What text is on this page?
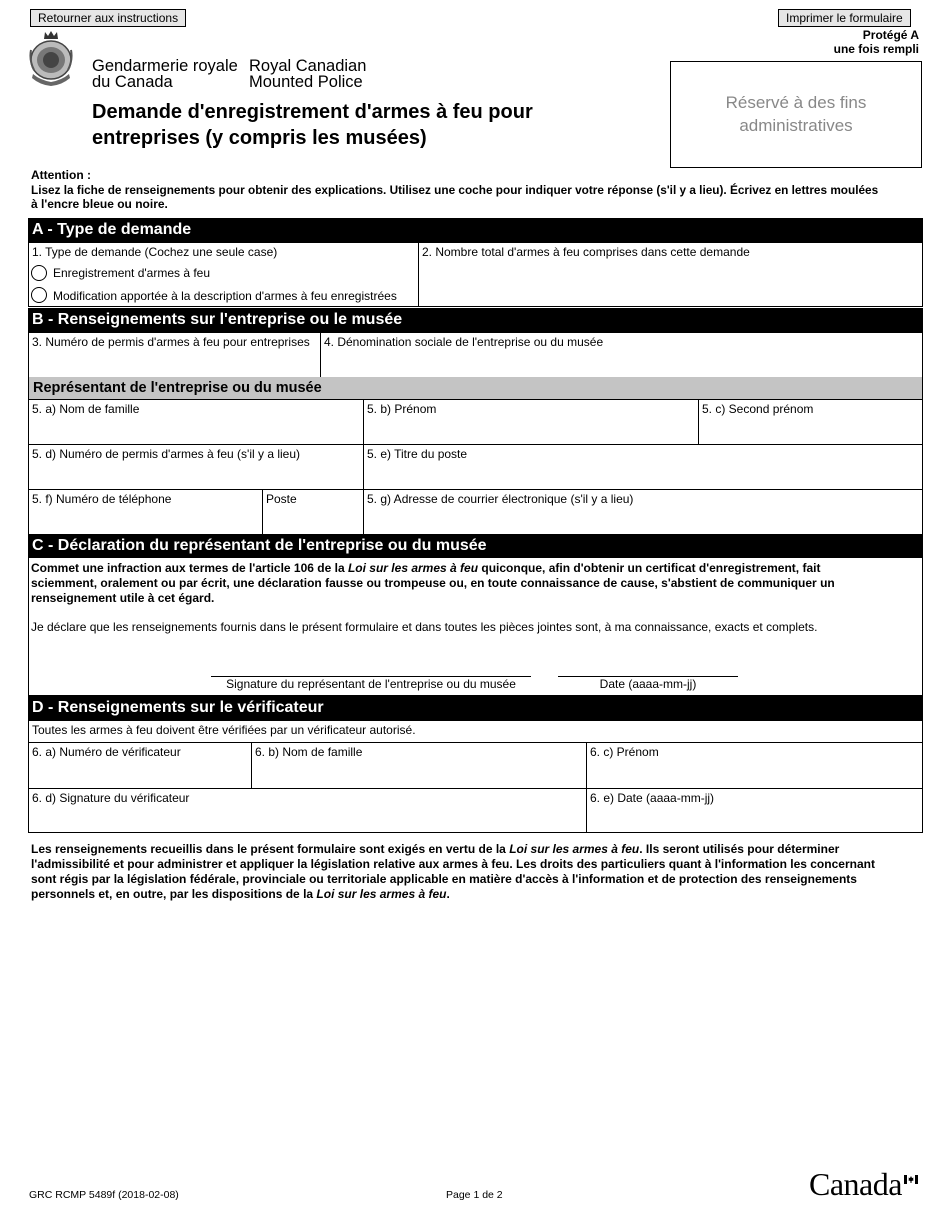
Retourner aux instructions	Imprimer le formulaire
Protégé A
une fois rempli
Gendarmerie royale
du Canada
Royal Canadian
Mounted Police
Demande d'enregistrement d'armes à feu pour
entreprises (y compris les musées)
Réservé à des fins
administratives
Attention :
Lisez la fiche de renseignements pour obtenir des explications. Utilisez une coche pour indiquer votre réponse (s'il y a lieu). Écrivez en lettres moulées
à l'encre bleue ou noire.
A - Type de demande
1. Type de demande (Cochez une seule case)
Enregistrement d'armes à feu
Modification apportée à la description d'armes à feu enregistrées
2. Nombre total d'armes à feu comprises dans cette demande
B - Renseignements sur l'entreprise ou le musée
3. Numéro de permis d'armes à feu pour entreprises	4. Dénomination sociale de l'entreprise ou du musée
Représentant de l'entreprise ou du musée
5. a) Nom de famille	5. b) Prénom	5. c) Second prénom
5. d) Numéro de permis d'armes à feu (s'il y a lieu)	5. e) Titre du poste
5. f) Numéro de téléphone	Poste	5. g) Adresse de courrier électronique (s'il y a lieu)
C - Déclaration du représentant de l'entreprise ou du musée
Commet une infraction aux termes de l'article 106 de la Loi sur les armes à feu quiconque, afin d'obtenir un certificat d'enregistrement, fait
sciemment, oralement ou par écrit, une déclaration fausse ou trompeuse ou, en toute connaissance de cause, s'abstient de communiquer un
renseignement utile à cet égard.
Je déclare que les renseignements fournis dans le présent formulaire et dans toutes les pièces jointes sont, à ma connaissance, exacts et complets.
Signature du représentant de l'entreprise ou du musée	Date (aaaa-mm-jj)
D - Renseignements sur le vérificateur
Toutes les armes à feu doivent être vérifiées par un vérificateur autorisé.
6. a) Numéro de vérificateur	6. b) Nom de famille	6. c) Prénom
6. d) Signature du vérificateur	6. e) Date (aaaa-mm-jj)
Les renseignements recueillis dans le présent formulaire sont exigés en vertu de la Loi sur les armes à feu. Ils seront utilisés pour déterminer
l'admissibilité et pour administrer et appliquer la législation relative aux armes à feu. Les droits des particuliers quant à l'information les concernant
sont régis par la législation fédérale, provinciale ou territoriale applicable en matière d'accès à l'information et de protection des renseignements
personnels et, en outre, par les dispositions de la Loi sur les armes à feu.
GRC RCMP 5489f (2018-02-08)	Page 1 de 2	Canada
